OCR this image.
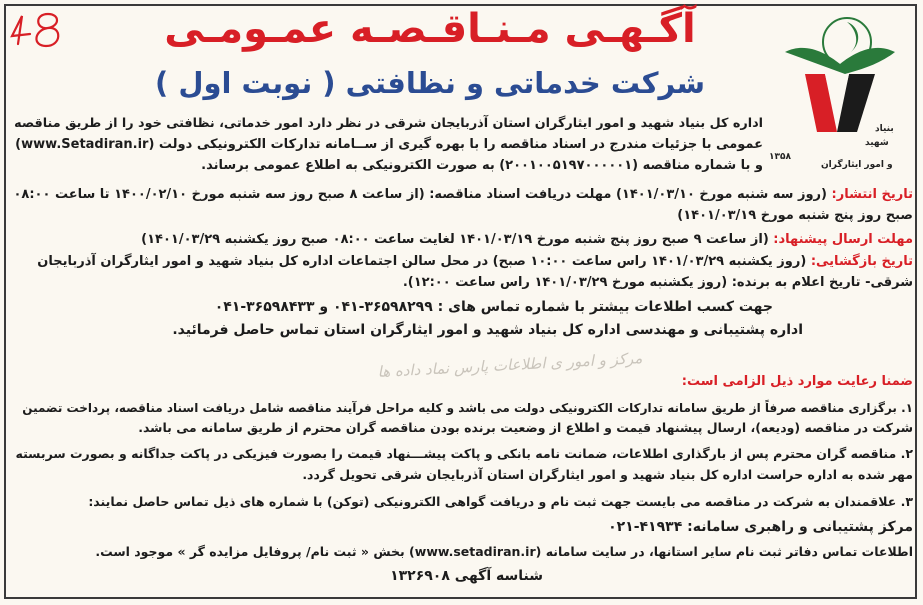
بنیاد
شهید
۱۳۵۸
و امور ایثارگران
آگـهـی مـنـاقـصـه عمـومـی
شرکت خدماتی و نظافتی ( نوبت اول )
اداره کل بنیاد شهید و امور ایثارگران استان آذربایجان شرقی در نظر دارد امور خدماتی، نظافتی خود را از طریق مناقصه
عمومی با جزئیات مندرج در اسناد مناقصه را با بهره گیری از ســامانه تدارکات الکترونیکی دولت (www.Setadiran.ir)
و با شماره مناقصه (۲۰۰۱۰۰۵۱۹۷۰۰۰۰۰۱) به صورت الکترونیکی به اطلاع عمومی برساند.
تاریخ انتشار: (روز سه شنبه مورخ ۱۴۰۱/۰۳/۱۰) مهلت دریافت اسناد مناقصه: (از ساعت ۸ صبح روز سه شنبه مورخ ۱۴۰۰/۰۲/۱۰ تا ساعت ۰۸:۰۰
صبح روز پنج شنبه مورخ ۱۴۰۱/۰۳/۱۹)
مهلت ارسال پیشنهاد: (از ساعت ۹ صبح روز پنج شنبه مورخ ۱۴۰۱/۰۳/۱۹ لغایت ساعت ۰۸:۰۰ صبح روز یکشنبه ۱۴۰۱/۰۳/۲۹)
تاریخ بازگشایی: (روز یکشنبه ۱۴۰۱/۰۳/۲۹ راس ساعت ۱۰:۰۰ صبح) در محل سالن اجتماعات اداره کل بنیاد شهید و امور ایثارگران آذربایجان
شرقی- تاریخ اعلام به برنده: (روز یکشنبه مورخ ۱۴۰۱/۰۳/۲۹ راس ساعت ۱۲:۰۰).
جهت کسب اطلاعات بیشتر با شماره تماس های : ۳۶۵۹۸۲۹۹-۰۴۱ و ۳۶۵۹۸۴۳۳-۰۴۱
اداره پشتیبانی و مهندسی اداره کل بنیاد شهید و امور ایثارگران استان تماس حاصل فرمائید.
مرکز و امور ی اطلاعات پارس نماد داده ها
ضمنا رعایت موارد ذیل الزامی است:
۱. برگزاری مناقصه صرفاً از طریق سامانه تدارکات الکترونیکی دولت می باشد و کلیه مراحل فرآیند مناقصه شامل دریافت اسناد مناقصه، پرداخت تضمین
شرکت در مناقصه (ودیعه)، ارسال پیشنهاد قیمت و اطلاع از وضعیت برنده بودن مناقصه گران محترم از طریق سامانه می باشد.
۲. مناقصه گران محترم پس از بارگذاری اطلاعات، ضمانت نامه بانکی و پاکت پیشـــنهاد قیمت را بصورت فیزیکی در پاکت جداگانه و بصورت سربسته
مهر شده به اداره حراست اداره کل بنیاد شهید و امور ایثارگران استان آذربایجان شرقی تحویل گردد.
۳. علاقمندان به شرکت در مناقصه می بایست جهت ثبت نام و دریافت گواهی الکترونیکی (توکن) با شماره های ذیل تماس حاصل نمایند:
مرکز پشتیبانی و راهبری سامانه: ۴۱۹۳۴-۰۲۱
اطلاعات تماس دفاتر ثبت نام سایر استانها، در سایت سامانه (www.setadiran.ir) بخش « ثبت نام/ پروفایل مزایده گر » موجود است.
شناسه آگهی ۱۳۲۶۹۰۸
